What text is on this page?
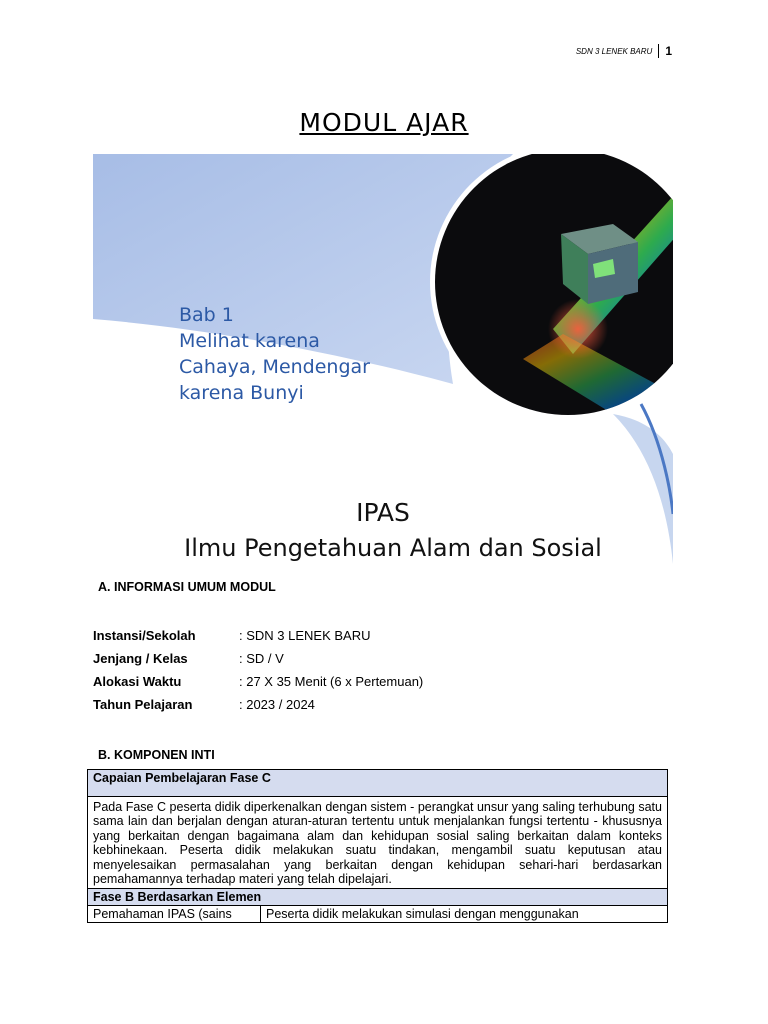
SDN 3 LENEK BARU 1
MODUL AJAR
Bab 1
Melihat karena
Cahaya, Mendengar
karena Bunyi
IPAS
Ilmu Pengetahuan Alam dan Sosial
A. INFORMASI UMUM MODUL
Instansi/Sekolah	: SDN 3 LENEK BARU
Jenjang / Kelas	: SD / V
Alokasi Waktu	: 27 X 35 Menit (6 x Pertemuan)
Tahun Pelajaran	: 2023 / 2024
B. KOMPONEN INTI
Capaian Pembelajaran Fase C
Pada Fase C peserta didik diperkenalkan dengan sistem - perangkat unsur yang saling terhubung satu sama lain dan berjalan dengan aturan-aturan tertentu untuk menjalankan fungsi tertentu - khususnya yang berkaitan dengan bagaimana alam dan kehidupan sosial saling berkaitan dalam konteks kebhinekaan. Peserta didik melakukan suatu tindakan, mengambil suatu keputusan atau menyelesaikan permasalahan yang berkaitan dengan kehidupan sehari-hari berdasarkan pemahamannya terhadap materi yang telah dipelajari.
Fase B Berdasarkan Elemen
Pemahaman IPAS (sains	Peserta didik melakukan simulasi dengan menggunakan
